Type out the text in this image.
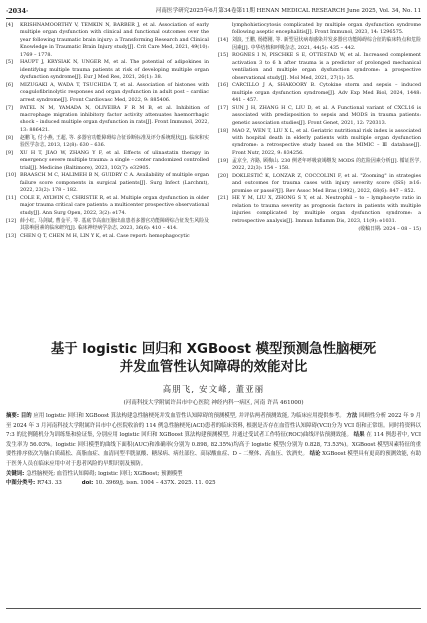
·2034·	河南医学研究2025年6月第34卷第11期 HENAN MEDICAL RESEARCH June 2025, Vol. 34, No. 11
[4] KRISHNAMOORTHY V, TEMKIN N, BARBER J, et al. Association of early multiple organ dysfunction with clinical and functional outcomes over the year following traumatic brain injury: a Transforming Research and Clinical Knowledge in Traumatic Brain Injury study[J]. Crit Care Med, 2021, 49(10): 1769 – 1778.
[5] HAUPT J, KRYSIAK N, UNGER M, et al. The potential of adipokines in identifying multiple trauma patients at risk of developing multiple organ dysfunction syndrome[J]. Eur J Med Res, 2021, 26(1): 38.
[6] MIZUGAKI A, WADA T, TSUCHIDA T, et al. Association of histones with coagulofibrinolytic responses and organ dysfunction in adult post – cardiac arrest syndrome[J]. Front Cardiovasc Med, 2022, 9: 885406.
[7] PATEL N M, YAMADA N, OLIVEIRA F R M B, et al. Inhibition of macrophage migration inhibitory factor activity attenuates haemorrhagic shock – induced multiple organ dysfunction in rats[J]. Front Immunol, 2022, 13: 886421.
[8] 赵鹏飞, 付小燕, 王超, 等. 多器官功能障碍综合征诊断标准及评分系统现状[J]. 临床和实验医学杂志, 2013, 12(8): 630 – 636.
[9] XU H T, JIAO W, ZHANG Y F, et al. Effects of ulinastatin therapy in emergency severe multiple trauma: a single – center randomized controlled trial[J]. Medicine (Baltimore), 2023, 102(7): e32905.
[10] BRAASCH M C, HALIMEH B N, GUIDRY C A. Availability of multiple organ failure score components in surgical patients[J]. Surg Infect (Larchmt), 2022, 23(2): 178 – 182.
[11] COLE E, AYLWIN C, CHRISTIE R, et al. Multiple organ dysfunction in older major trauma critical care patients: a multicenter prospective observational study[J]. Ann Surg Open, 2022, 3(2): e174.
[12] 薛小红, 马剑斌, 曹金平, 等. 基底节高血压脑出血患者多器官功能障碍综合征发生风险及其影响因素的临床研究[J]. 临床神经病学杂志, 2023, 36(6): 410 – 414.
[13] CHEN Q T, CHEN M H, LIN Y K, et al. Case report: hemophagocytic
lymphohistiocytosis complicated by multiple organ dysfunction syndrome following aseptic encephalitis[J]. Front Immunol, 2023, 14: 1296575.
[14] 刘浪, 王鹏, 杨德刚, 等. 新型冠状病毒感染并发多器官功能障碍综合征的临床特点和危险因素[J]. 中华结核和呼吸杂志, 2021, 44(5): 435 – 442.
[15] ROGNES I N, PISCHKE S E, OTTESTAD W, et al. Increased complement activation 3 to 6 h after trauma is a predictor of prolonged mechanical ventilation and multiple organ dysfunction syndrome: a prospective observational study[J]. Mol Med, 2021, 27(1): 35.
[16] CARCILLO J A, SHAKOORY B. Cytokine storm and sepsis – induced multiple organ dysfunction syndrome[J]. Adv Exp Med Biol, 2024, 1448: 441 – 457.
[17] SUN J H, ZHANG H C, LIU D, et al. A Functional variant of CXCL16 is associated with predisposition to sepsis and MODS in trauma patients: genetic association studies[J]. Front Genet, 2021, 12: 720313.
[18] MAO Z, WEN T, LIU X L, et al. Geriatric nutritional risk index is associated with hospital death in elderly patients with multiple organ dysfunction syndrome: a retrospective study based on the MIMIC – Ⅲ database[J]. Front Nutr, 2022, 9: 834256.
[19] 孟京全, 齐路, 顾梅山. 230 例老年呼吸衰竭继发 MODS 的危险因素分析[J]. 循证医学, 2022, 22(3): 154 – 158.
[20] DOKLESTIĆ K, LONZAR Z, COCCOLINI F, et al. "Zooming" in strategies and outcomes for trauma cases with injury severity score (ISS) ≥16: promise or passé?[J]. Rev Assoc Med Bras (1992), 2022, 68(6): 847 – 852.
[21] HE Y M, LIU X, ZHONG S Y, et al. Neutrophil – to – lymphocyte ratio in relation to trauma severity as prognosis factors in patients with multiple injuries complicated by multiple organ dysfunction syndrome: a retrospective analysis[J]. Immun Inflamm Dis, 2023, 11(9): e1031.
(收稿日期: 2024 – 08 – 15)
基于 logistic 回归和 XGBoost 模型预测急性脑梗死
并发血管性认知障碍的效能对比
高朋飞, 安文峰, 董亚丽
(河南科技大学附属许昌市中心医院 神经内科一病区, 河南 许昌 461000)
摘要: 目的 应用 logistic 回归和 XGBoost 算法构建急性脑梗死并发血管性认知障碍的预测模型, 并评估两者预测效能, 为临床应用提供参考。 方法 回顾性分析 2022 年 9 月至 2024 年 3 月河南科技大学附属许昌市中心医院收治的 114 例急性脑梗死(ACI)患者的临床资料, 根据是否存在血管性认知障碍(VCI)分为 VCI 组和正常组。同时将资料以 7:3 的比例随机分为训练集和验证集, 分别应用 logistic 回归和 XGBoost 算法构建预测模型, 并通过受试者工作特征(ROC)曲线评估预测效能。 结果 在 114 例患者中, VCI 发生率为 56.03%。logistic 回归模型的曲线下面积(AUC)和准确率(分别为 0.898, 82.35%)均高于 logistic 模型(分别为 0.828, 73.53%)。XGBoost 模型因素特征的重要性排序依次为脑白质疏松、高脂血症、血清同型半胱氨酸、糖尿病、病灶部位、高尿酸血症、D – 二聚体、高血压、饮酒史。 结论 XGBoost 模型具有更高的预测效能, 有助于医务人员在临床应用中对于患者风险的早期识别及预防。
关键词: 急性脑梗死; 血管性认知障碍; logistic 回归; XGBoost; 预测模型
中图分类号: R743. 33	doi: 10. 3969/j. issn. 1004 – 437X. 2025. 11. 025
